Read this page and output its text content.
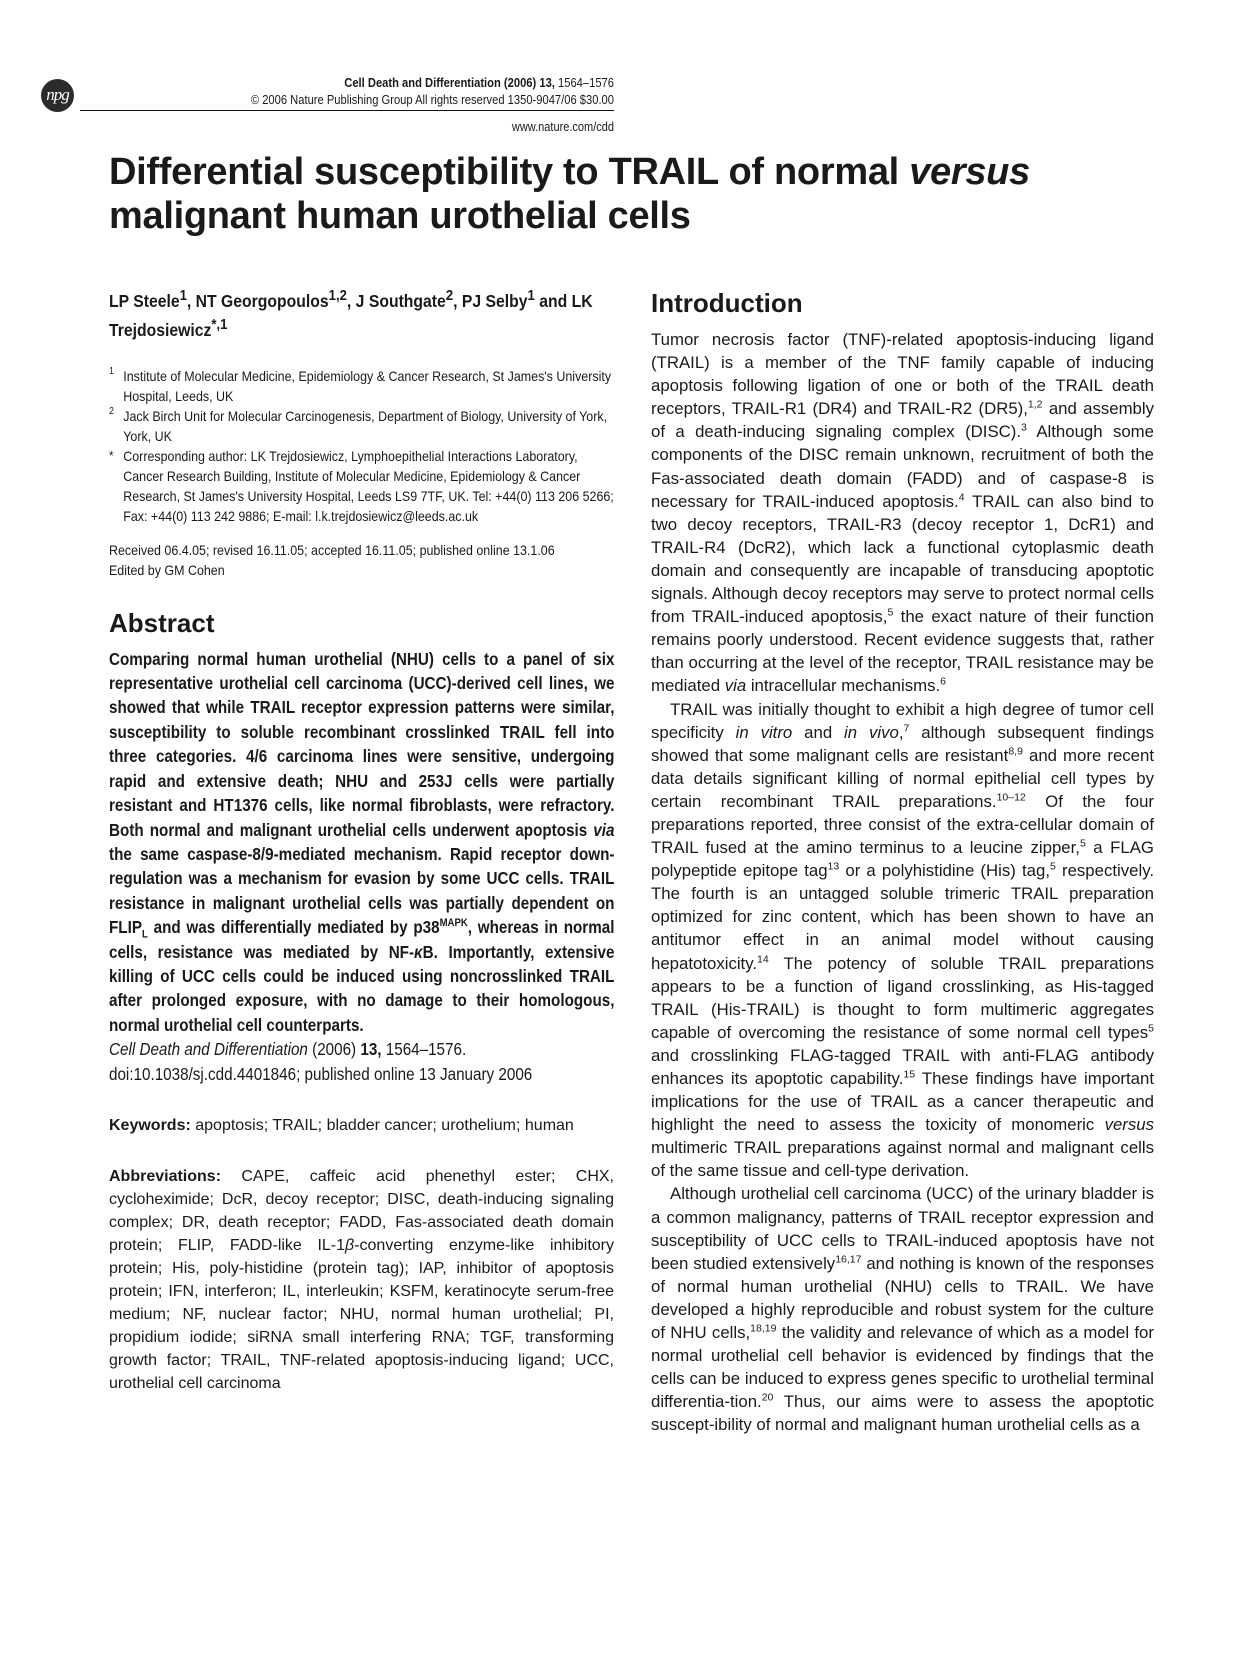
npg
Cell Death and Differentiation (2006) 13, 1564–1576
© 2006 Nature Publishing Group All rights reserved 1350-9047/06 $30.00
www.nature.com/cdd
Differential susceptibility to TRAIL of normal versus malignant human urothelial cells

LP Steele$^1$, NT Georgopoulos$^{1,2}$, J Southgate$^2$, PJ Selby$^1$ and LK Trejdosiewicz$^{*,1}$

1 Institute of Molecular Medicine, Epidemiology & Cancer Research, St James's University Hospital, Leeds, UK
2 Jack Birch Unit for Molecular Carcinogenesis, Department of Biology, University of York, York, UK
* Corresponding author: LK Trejdosiewicz, Lymphoepithelial Interactions Laboratory, Cancer Research Building, Institute of Molecular Medicine, Epidemiology & Cancer Research, St James's University Hospital, Leeds LS9 7TF, UK. Tel: +44(0) 113 206 5266; Fax: +44(0) 113 242 9886; E-mail: l.k.trejdosiewicz@leeds.ac.uk
Received 06.4.05; revised 16.11.05; accepted 16.11.05; published online 13.1.06
Edited by GM Cohen
Abstract
Comparing normal human urothelial (NHU) cells to a panel of six representative urothelial cell carcinoma (UCC)-derived cell lines, we showed that while TRAIL receptor expression patterns were similar, susceptibility to soluble recombinant crosslinked TRAIL fell into three categories. 4/6 carcinoma lines were sensitive, undergoing rapid and extensive death; NHU and 253J cells were partially resistant and HT1376 cells, like normal fibroblasts, were refractory. Both normal and malignant urothelial cells underwent apoptosis via the same caspase-8/9-mediated mechanism. Rapid receptor down-regulation was a mechanism for evasion by some UCC cells. TRAIL resistance in malignant urothelial cells was partially dependent on $FLIP_L$ and was differentially mediated by $p38^{MAPK}$, whereas in normal cells, resistance was mediated by NF-κB. Importantly, extensive killing of UCC cells could be induced using noncrosslinked TRAIL after prolonged exposure, with no damage to their homologous, normal urothelial cell counterparts.
Cell Death and Differentiation (2006) 13, 1564–1576.
doi:10.1038/sj.cdd.4401846; published online 13 January 2006
Keywords: apoptosis; TRAIL; bladder cancer; urothelium; human
Abbreviations: CAPE, caffeic acid phenethyl ester; CHX, cycloheximide; DcR, decoy receptor; DISC, death-inducing signaling complex; DR, death receptor; FADD, Fas-associated death domain protein; FLIP, FADD-like IL-1β-converting enzyme-like inhibitory protein; His, poly-histidine (protein tag); IAP, inhibitor of apoptosis protein; IFN, interferon; IL, interleukin; KSFM, keratinocyte serum-free medium; NF, nuclear factor; NHU, normal human urothelial; PI, propidium iodide; siRNA small interfering RNA; TGF, transforming growth factor; TRAIL, TNF-related apoptosis-inducing ligand; UCC, urothelial cell carcinoma
Introduction

Tumor necrosis factor (TNF)-related apoptosis-inducing ligand (TRAIL) is a member of the TNF family capable of inducing apoptosis following ligation of one or both of the TRAIL death receptors, TRAIL-R1 (DR4) and TRAIL-R2 (DR5),$^{1,2}$ and assembly of a death-inducing signaling complex (DISC).$^3$ Although some components of the DISC remain unknown, recruitment of both the Fas-associated death domain (FADD) and of caspase-8 is necessary for TRAIL-induced apoptosis.$^4$ TRAIL can also bind to two decoy receptors, TRAIL-R3 (decoy receptor 1, DcR1) and TRAIL-R4 (DcR2), which lack a functional cytoplasmic death domain and consequently are incapable of transducing apoptotic signals. Although decoy receptors may serve to protect normal cells from TRAIL-induced apoptosis,$^5$ the exact nature of their function remains poorly understood. Recent evidence suggests that, rather than occurring at the level of the receptor, TRAIL resistance may be mediated via intracellular mechanisms.$^6$

TRAIL was initially thought to exhibit a high degree of tumor cell specificity in vitro and in vivo,$^7$ although subsequent findings showed that some malignant cells are resistant$^{8,9}$ and more recent data details significant killing of normal epithelial cell types by certain recombinant TRAIL preparations.$^{10-12}$ Of the four preparations reported, three consist of the extra-cellular domain of TRAIL fused at the amino terminus to a leucine zipper,$^5$ a FLAG polypeptide epitope tag$^{13}$ or a polyhistidine (His) tag,$^5$ respectively. The fourth is an untagged soluble trimeric TRAIL preparation optimized for zinc content, which has been shown to have an antitumor effect in an animal model without causing hepatotoxicity.$^{14}$ The potency of soluble TRAIL preparations appears to be a function of ligand crosslinking, as His-tagged TRAIL (His-TRAIL) is thought to form multimeric aggregates capable of overcoming the resistance of some normal cell types$^5$ and crosslinking FLAG-tagged TRAIL with anti-FLAG antibody enhances its apoptotic capability.$^{15}$ These findings have important implications for the use of TRAIL as a cancer therapeutic and highlight the need to assess the toxicity of monomeric versus multimeric TRAIL preparations against normal and malignant cells of the same tissue and cell-type derivation.

Although urothelial cell carcinoma (UCC) of the urinary bladder is a common malignancy, patterns of TRAIL receptor expression and susceptibility of UCC cells to TRAIL-induced apoptosis have not been studied extensively$^{16,17}$ and nothing is known of the responses of normal human urothelial (NHU) cells to TRAIL. We have developed a highly reproducible and robust system for the culture of NHU cells,$^{18,19}$ the validity and relevance of which as a model for normal urothelial cell behavior is evidenced by findings that the cells can be induced to express genes specific to urothelial terminal differentia-tion.$^{20}$ Thus, our aims were to assess the apoptotic suscept-ibility of normal and malignant human urothelial cells as a
